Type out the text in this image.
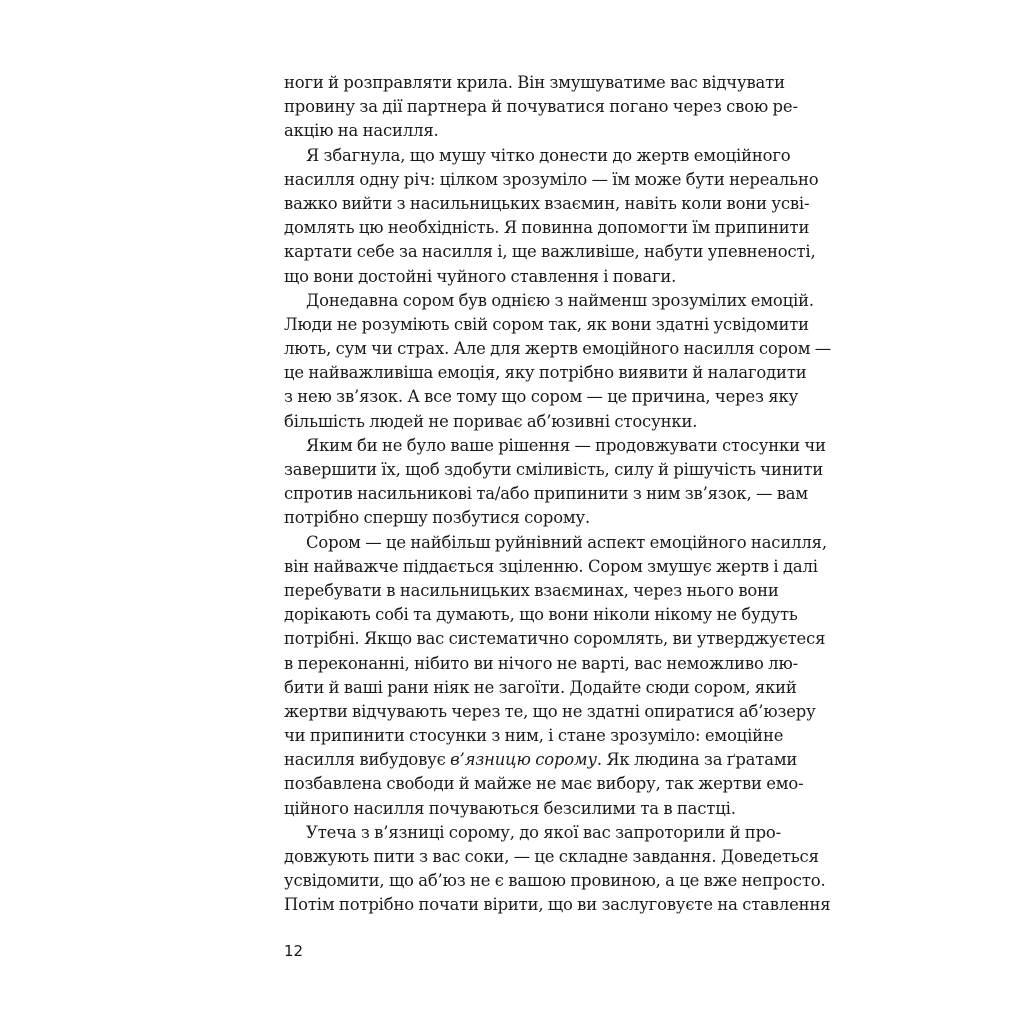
ноги й розправляти крила. Він змушуватиме вас відчувати
провину за дії партнера й почуватися погано через свою ре-
акцію на насилля.
Я збагнула, що мушу чітко донести до жертв емоційного
насилля одну річ: цілком зрозуміло — їм може бути нереально
важко вийти з насильницьких взаємин, навіть коли вони усві-
домлять цю необхідність. Я повинна допомогти їм припинити
картати себе за насилля і, ще важливіше, набути упевненості,
що вони достойні чуйного ставлення і поваги.
Донедавна сором був однією з найменш зрозумілих емоцій.
Люди не розуміють свій сором так, як вони здатні усвідомити
лють, сум чи страх. Але для жертв емоційного насилля сором —
це найважливіша емоція, яку потрібно виявити й налагодити
з нею зв’язок. А все тому що сором — це причина, через яку
більшість людей не пориває аб’юзивні стосунки.
Яким би не було ваше рішення — продовжувати стосунки чи
завершити їх, щоб здобути сміливість, силу й рішучість чинити
спротив насильникові та/або припинити з ним зв’язок, — вам
потрібно спершу позбутися сорому.
Сором — це найбільш руйнівний аспект емоційного насилля,
він найважче піддається зціленню. Сором змушує жертв і далі
перебувати в насильницьких взаєминах, через нього вони
дорікають собі та думають, що вони ніколи нікому не будуть
потрібні. Якщо вас систематично соромлять, ви утверджуєтеся
в переконанні, нібито ви нічого не варті, вас неможливо лю-
бити й ваші рани ніяк не загоїти. Додайте сюди сором, який
жертви відчувають через те, що не здатні опиратися аб’юзеру
чи припинити стосунки з ним, і стане зрозуміло: емоційне
насилля вибудовує в’язницю сорому. Як людина за ґратами
позбавлена свободи й майже не має вибору, так жертви емо-
ційного насилля почуваються безсилими та в пастці.
Утеча з в’язниці сорому, до якої вас запроторили й про-
довжують пити з вас соки, — це складне завдання. Доведеться
усвідомити, що аб’юз не є вашою провиною, а це вже непросто.
Потім потрібно почати вірити, що ви заслуговуєте на ставлення
12
